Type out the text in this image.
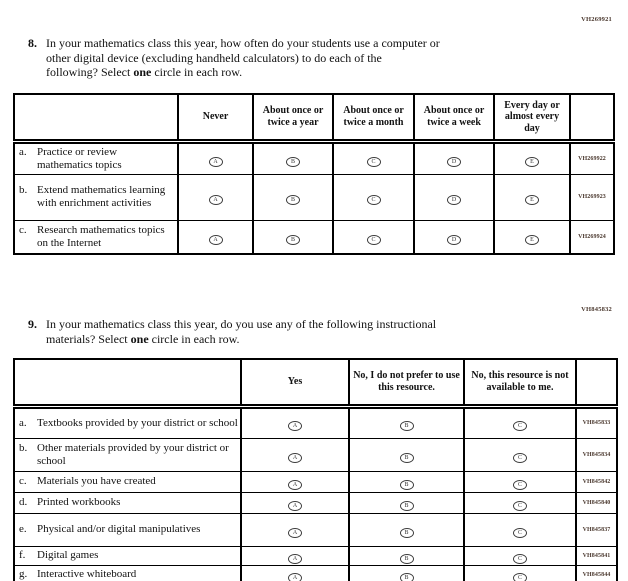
VH269921
8. In your mathematics class this year, how often do your students use a computer or
other digital device (excluding handheld calculators) to do each of the
following? Select one circle in each row.
	Never	About once or twice a year	About once or twice a month	About once or twice a week	Every day or almost every day	

a. Practice or review mathematics topics	A	B	C	D	E	VH269922

b. Extend mathematics learning with enrichment activities	A	B	C	D	E	VH269923

c. Research mathematics topics on the Internet	A	B	C	D	E	VH269924
VH845832
9. In your mathematics class this year, do you use any of the following instructional
materials? Select one circle in each row.
	Yes	No, I do not prefer to use this resource.	No, this resource is not available to me.	

a. Textbooks provided by your district or school	A	B	C	VH845833

b. Other materials provided by your district or school	A	B	C	VH845834

c. Materials you have created	A	B	C	VH845842

d. Printed workbooks	A	B	C	VH845840

e. Physical and/or digital manipulatives	A	B	C	VH845837

f. Digital games	A	B	C	VH845841

g. Interactive whiteboard	A	B	C	VH845844
